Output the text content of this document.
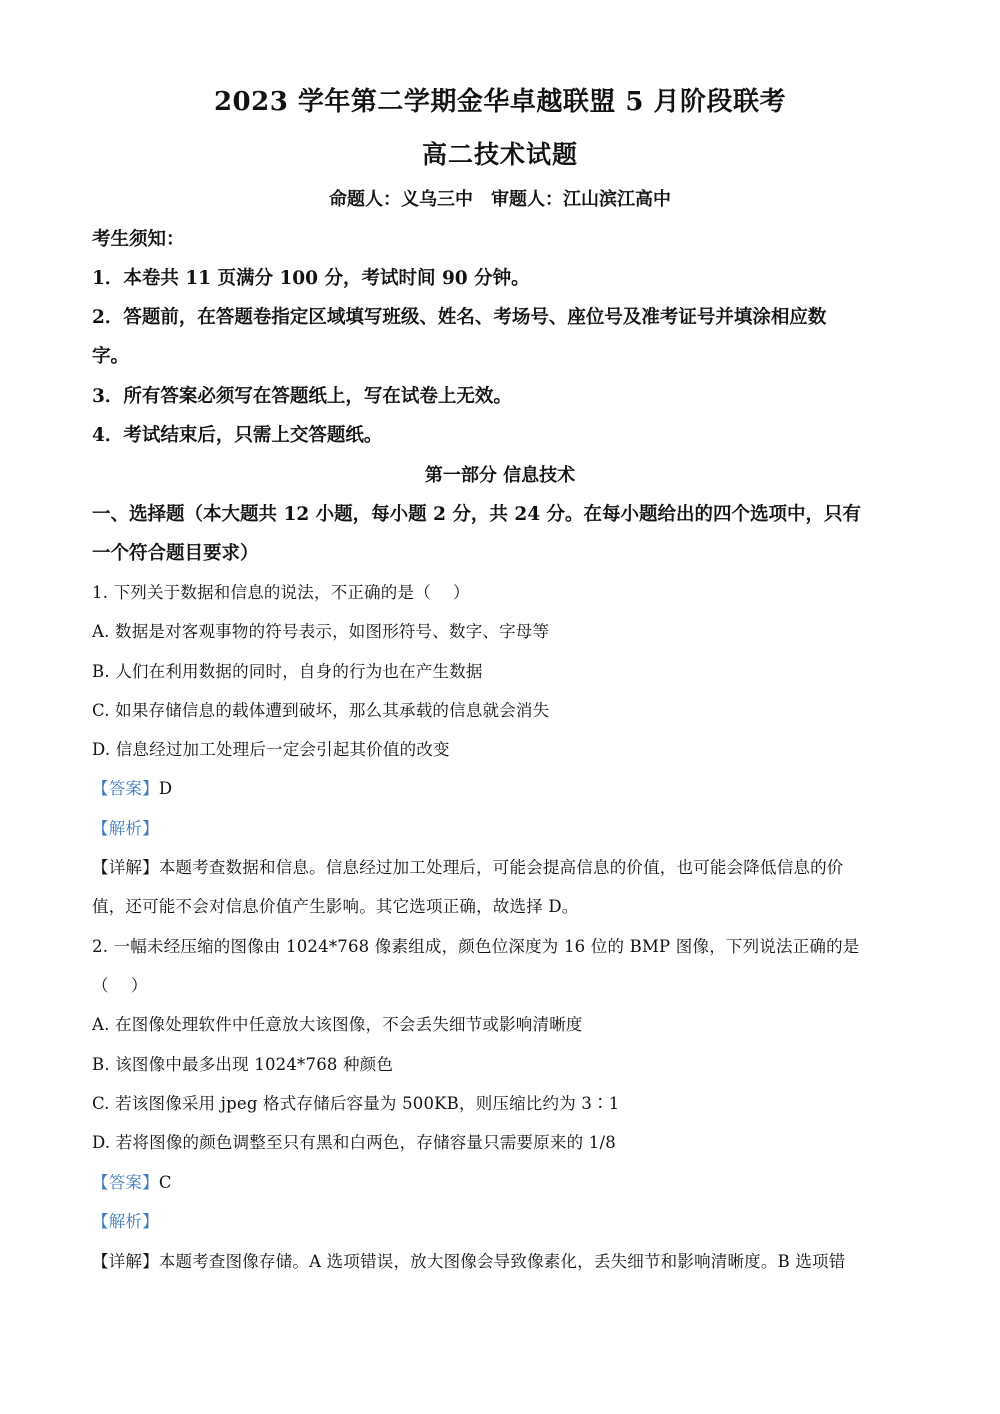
2023 学年第二学期金华卓越联盟 5 月阶段联考
高二技术试题
命题人：义乌三中　审题人：江山滨江高中
考生须知：
1．本卷共 11 页满分 100 分，考试时间 90 分钟。
2．答题前，在答题卷指定区域填写班级、姓名、考场号、座位号及准考证号并填涂相应数
字。
3．所有答案必须写在答题纸上，写在试卷上无效。
4．考试结束后，只需上交答题纸。
第一部分 信息技术
一、选择题（本大题共 12 小题，每小题 2 分，共 24 分。在每小题给出的四个选项中，只有
一个符合题目要求）
1. 下列关于数据和信息的说法，不正确的是（　 ）
A. 数据是对客观事物的符号表示，如图形符号、数字、字母等
B. 人们在利用数据的同时，自身的行为也在产生数据
C. 如果存储信息的载体遭到破坏，那么其承载的信息就会消失
D. 信息经过加工处理后一定会引起其价值的改变
【答案】D
【解析】
【详解】本题考查数据和信息。信息经过加工处理后，可能会提高信息的价值，也可能会降低信息的价
值，还可能不会对信息价值产生影响。其它选项正确，故选择 D。
2. 一幅未经压缩的图像由 1024*768 像素组成，颜色位深度为 16 位的 BMP 图像，下列说法正确的是
（　 ）
A. 在图像处理软件中任意放大该图像，不会丢失细节或影响清晰度
B. 该图像中最多出现 1024*768 种颜色
C. 若该图像采用 jpeg 格式存储后容量为 500KB，则压缩比约为 3∶1
D. 若将图像的颜色调整至只有黑和白两色，存储容量只需要原来的 1/8
【答案】C
【解析】
【详解】本题考查图像存储。A 选项错误，放大图像会导致像素化，丢失细节和影响清晰度。B 选项错
